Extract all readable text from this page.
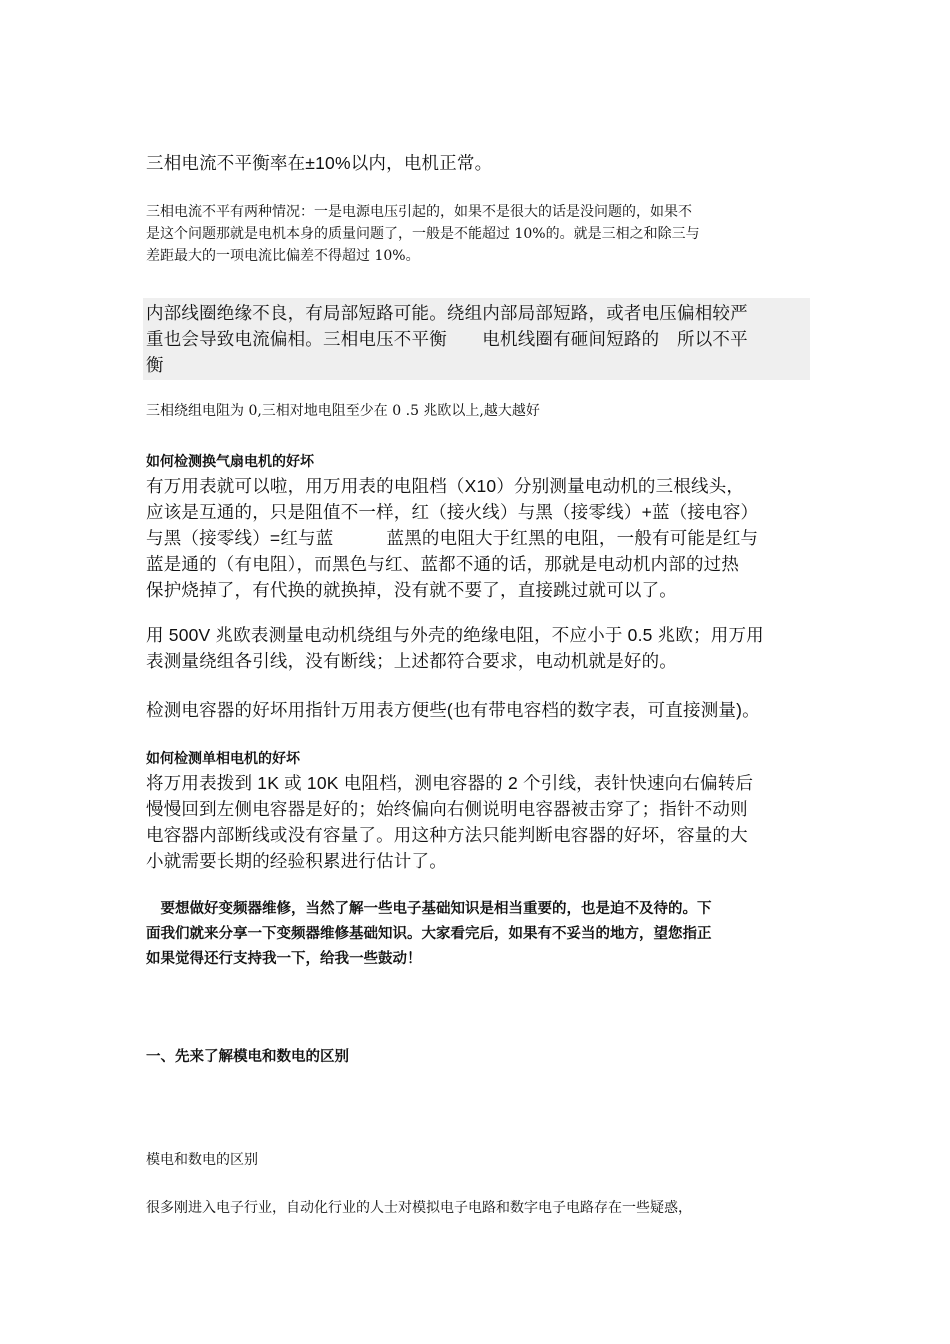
三相电流不平衡率在±10%以内，电机正常。

三相电流不平有两种情况：一是电源电压引起的，如果不是很大的话是没问题的，如果不
是这个问题那就是电机本身的质量问题了，一般是不能超过 10%的。就是三相之和除三与
差距最大的一项电流比偏差不得超过 10%。
内部线圈绝缘不良，有局部短路可能。绕组内部局部短路，或者电压偏相较严
重也会导致电流偏相。三相电压不平衡　　电机线圈有砸间短路的　所以不平
衡

三相绕组电阻为 0,三相对地电阻至少在 0 .5 兆欧以上,越大越好

如何检测换气扇电机的好坏
有万用表就可以啦，用万用表的电阻档（X10）分别测量电动机的三根线头，
应该是互通的，只是阻值不一样，红（接火线）与黑（接零线）+蓝（接电容）
与黑（接零线）=红与蓝　　　蓝黑的电阻大于红黑的电阻，一般有可能是红与
蓝是通的（有电阻），而黑色与红、蓝都不通的话，那就是电动机内部的过热
保护烧掉了，有代换的就换掉，没有就不要了，直接跳过就可以了。
用 500V 兆欧表测量电动机绕组与外壳的绝缘电阻，不应小于 0.5 兆欧；用万用
表测量绕组各引线，没有断线；上述都符合要求，电动机就是好的。

检测电容器的好坏用指针万用表方便些(也有带电容档的数字表，可直接测量)。

如何检测单相电机的好坏
将万用表拨到 1K 或 10K 电阻档，测电容器的 2 个引线，表针快速向右偏转后
慢慢回到左侧电容器是好的；始终偏向右侧说明电容器被击穿了；指针不动则
电容器内部断线或没有容量了。用这种方法只能判断电容器的好坏，容量的大
小就需要长期的经验积累进行估计了。
　要想做好变频器维修，当然了解一些电子基础知识是相当重要的，也是迫不及待的。下
面我们就来分享一下变频器维修基础知识。大家看完后，如果有不妥当的地方，望您指正
如果觉得还行支持我一下，给我一些鼓动！

一、先来了解模电和数电的区别

模电和数电的区别

很多刚进入电子行业，自动化行业的人士对模拟电子电路和数字电子电路存在一些疑惑，
